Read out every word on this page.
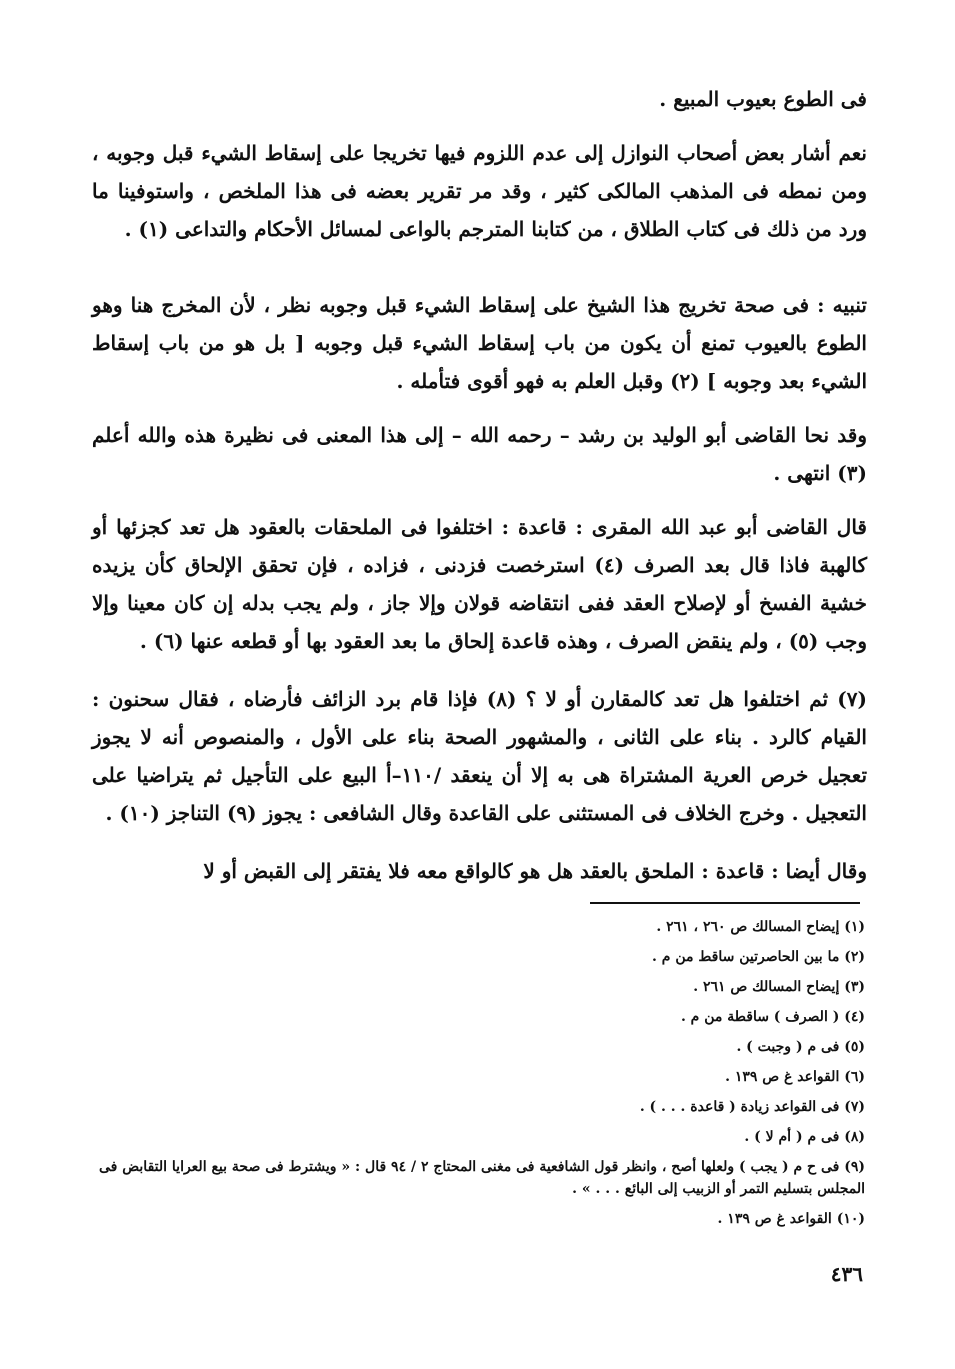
فى الطوع بعيوب المبيع .

نعم أشار بعض أصحاب النوازل إلى عدم اللزوم فيها تخريجا على إسقاط الشيء قبل وجوبه ، ومن نمطه فى المذهب المالكى كثير ، وقد مر تقرير بعضه فى هذا الملخص ، واستوفينا ما ورد من ذلك فى كتاب الطلاق ، من كتابنا المترجم بالواعى لمسائل الأحكام والتداعى (١) .

تنبيه : فى صحة تخريج هذا الشيخ على إسقاط الشيء قبل وجوبه نظر ، لأن المخرج هنا وهو الطوع بالعيوب تمنع أن يكون من باب إسقاط الشيء قبل وجوبه [ بل هو من باب إسقاط الشيء بعد وجوبه ] (٢) وقبل العلم به فهو أقوى فتأمله .

وقد نحا القاضى أبو الوليد بن رشد – رحمه الله – إلى هذا المعنى فى نظيرة هذه والله أعلم (٣) انتهى .

قال القاضى أبو عبد الله المقرى : قاعدة : اختلفوا فى الملحقات بالعقود هل تعد كجزئها أو كالهبة فاذا قال بعد الصرف (٤) استرخصت فزدنى ، فزاده ، فإن تحقق الإلحاق كأن يزيده خشية الفسخ أو لإصلاح العقد ففى انتقاضه قولان وإلا جاز ، ولم يجب بدله إن كان معينا وإلا وجب (٥) ، ولم ينقض الصرف ، وهذه قاعدة إلحاق ما بعد العقود بها أو قطعه عنها (٦) .

(٧) ثم اختلفوا هل تعد كالمقارن أو لا ؟ (٨) فإذا قام برد الزائف فأرضاه ، فقال سحنون : القيام كالرد . بناء على الثانى ، والمشهور الصحة بناء على الأول ، والمنصوص أنه لا يجوز تعجيل خرص العرية المشتراة هى به إلا أن ينعقد /١١٠–أ البيع على التأجيل ثم يتراضيا على التعجيل . وخرج الخلاف فى المستثنى على القاعدة وقال الشافعى : يجوز (٩) التناجز (١٠) .

وقال أيضا : قاعدة : الملحق بالعقد هل هو كالواقع معه فلا يفتقر إلى القبض أو لا

(١) إيضاح المسالك ص ٢٦٠ ، ٢٦١ .
(٢) ما بين الحاصرتين ساقط من م .
(٣) إيضاح المسالك ص ٢٦١ .
(٤) ( الصرف ) ساقطة من م .
(٥) فى م ( وجبت ) .
(٦) القواعد غ ص ١٣٩ .
(٧) فى القواعد زيادة ( قاعدة . . . ) .
(٨) فى م ( أم لا ) .
(٩) فى ح م ( يجب ) ولعلها أصح ، وانظر قول الشافعية فى مغنى المحتاج ٢ / ٩٤ قال : « ويشترط فى صحة بيع العرايا التقابض فى المجلس بتسليم التمر أو الزبيب إلى البائع . . . » .
(١٠) القواعد غ ص ١٣٩ .
٤٣٦
